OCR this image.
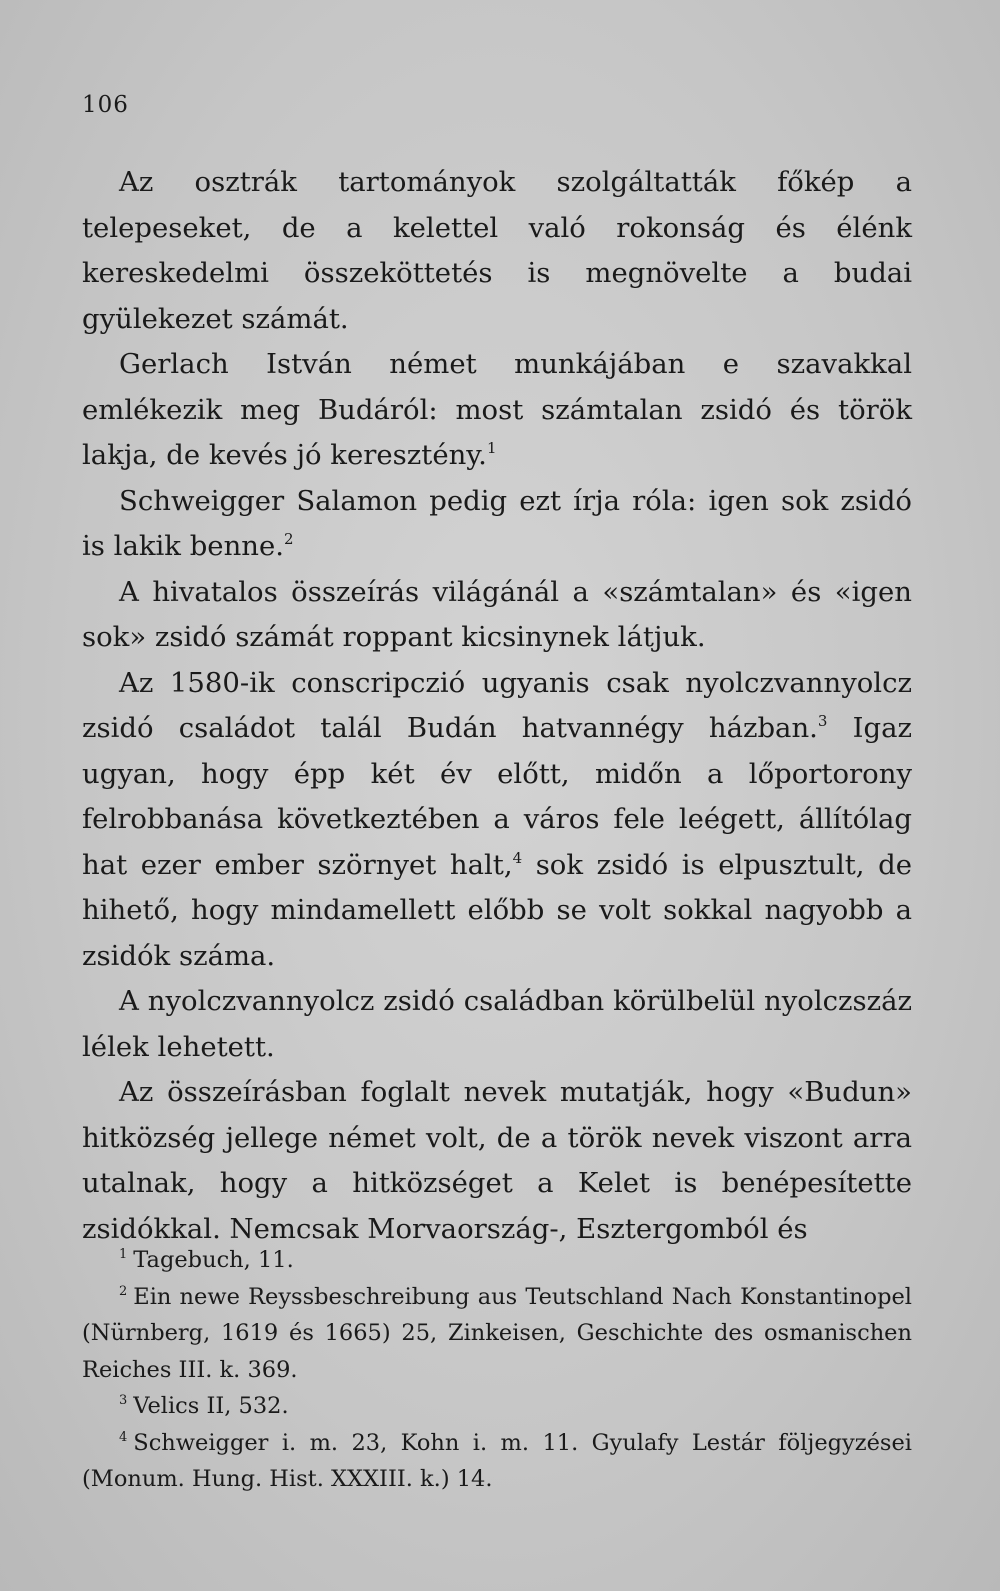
106

Az osztrák tartományok szolgáltatták főkép a telepeseket, de a kelettel való rokonság és élénk kereskedelmi összeköttetés is megnövelte a budai gyülekezet számát.

Gerlach István német munkájában e szavakkal emlékezik meg Budáról: most számtalan zsidó és török lakja, de kevés jó keresztény.$^1$

Schweigger Salamon pedig ezt írja róla: igen sok zsidó is lakik benne.$^2$

A hivatalos összeírás világánál a «számtalan» és «igen sok» zsidó számát roppant kicsinynek látjuk.

Az 1580-ik conscripczió ugyanis csak nyolczvannyolcz zsidó családot talál Budán hatvannégy házban.$^3$ Igaz ugyan, hogy épp két év előtt, midőn a lőportorony felrobbanása következtében a város fele leégett, állítólag hat ezer ember szörnyet halt,$^4$ sok zsidó is elpusztult, de hihető, hogy mindamellett előbb se volt sokkal nagyobb a zsidók száma.

A nyolczvannyolcz zsidó családban körülbelül nyolczszáz lélek lehetett.

Az összeírásban foglalt nevek mutatják, hogy «Budun» hitközség jellege német volt, de a török nevek viszont arra utalnak, hogy a hitközséget a Kelet is benépesítette zsidókkal. Nemcsak Morvaország-, Esztergomból és

$^1$ Tagebuch, 11.

$^2$ Ein newe Reyssbeschreibung aus Teutschland Nach Konstantinopel (Nürnberg, 1619 és 1665) 25, Zinkeisen, Geschichte des osmanischen Reiches III. k. 369.

$^3$ Velics II, 532.

$^4$ Schweigger i. m. 23, Kohn i. m. 11. Gyulafy Lestár följegyzései (Monum. Hung. Hist. XXXIII. k.) 14.
